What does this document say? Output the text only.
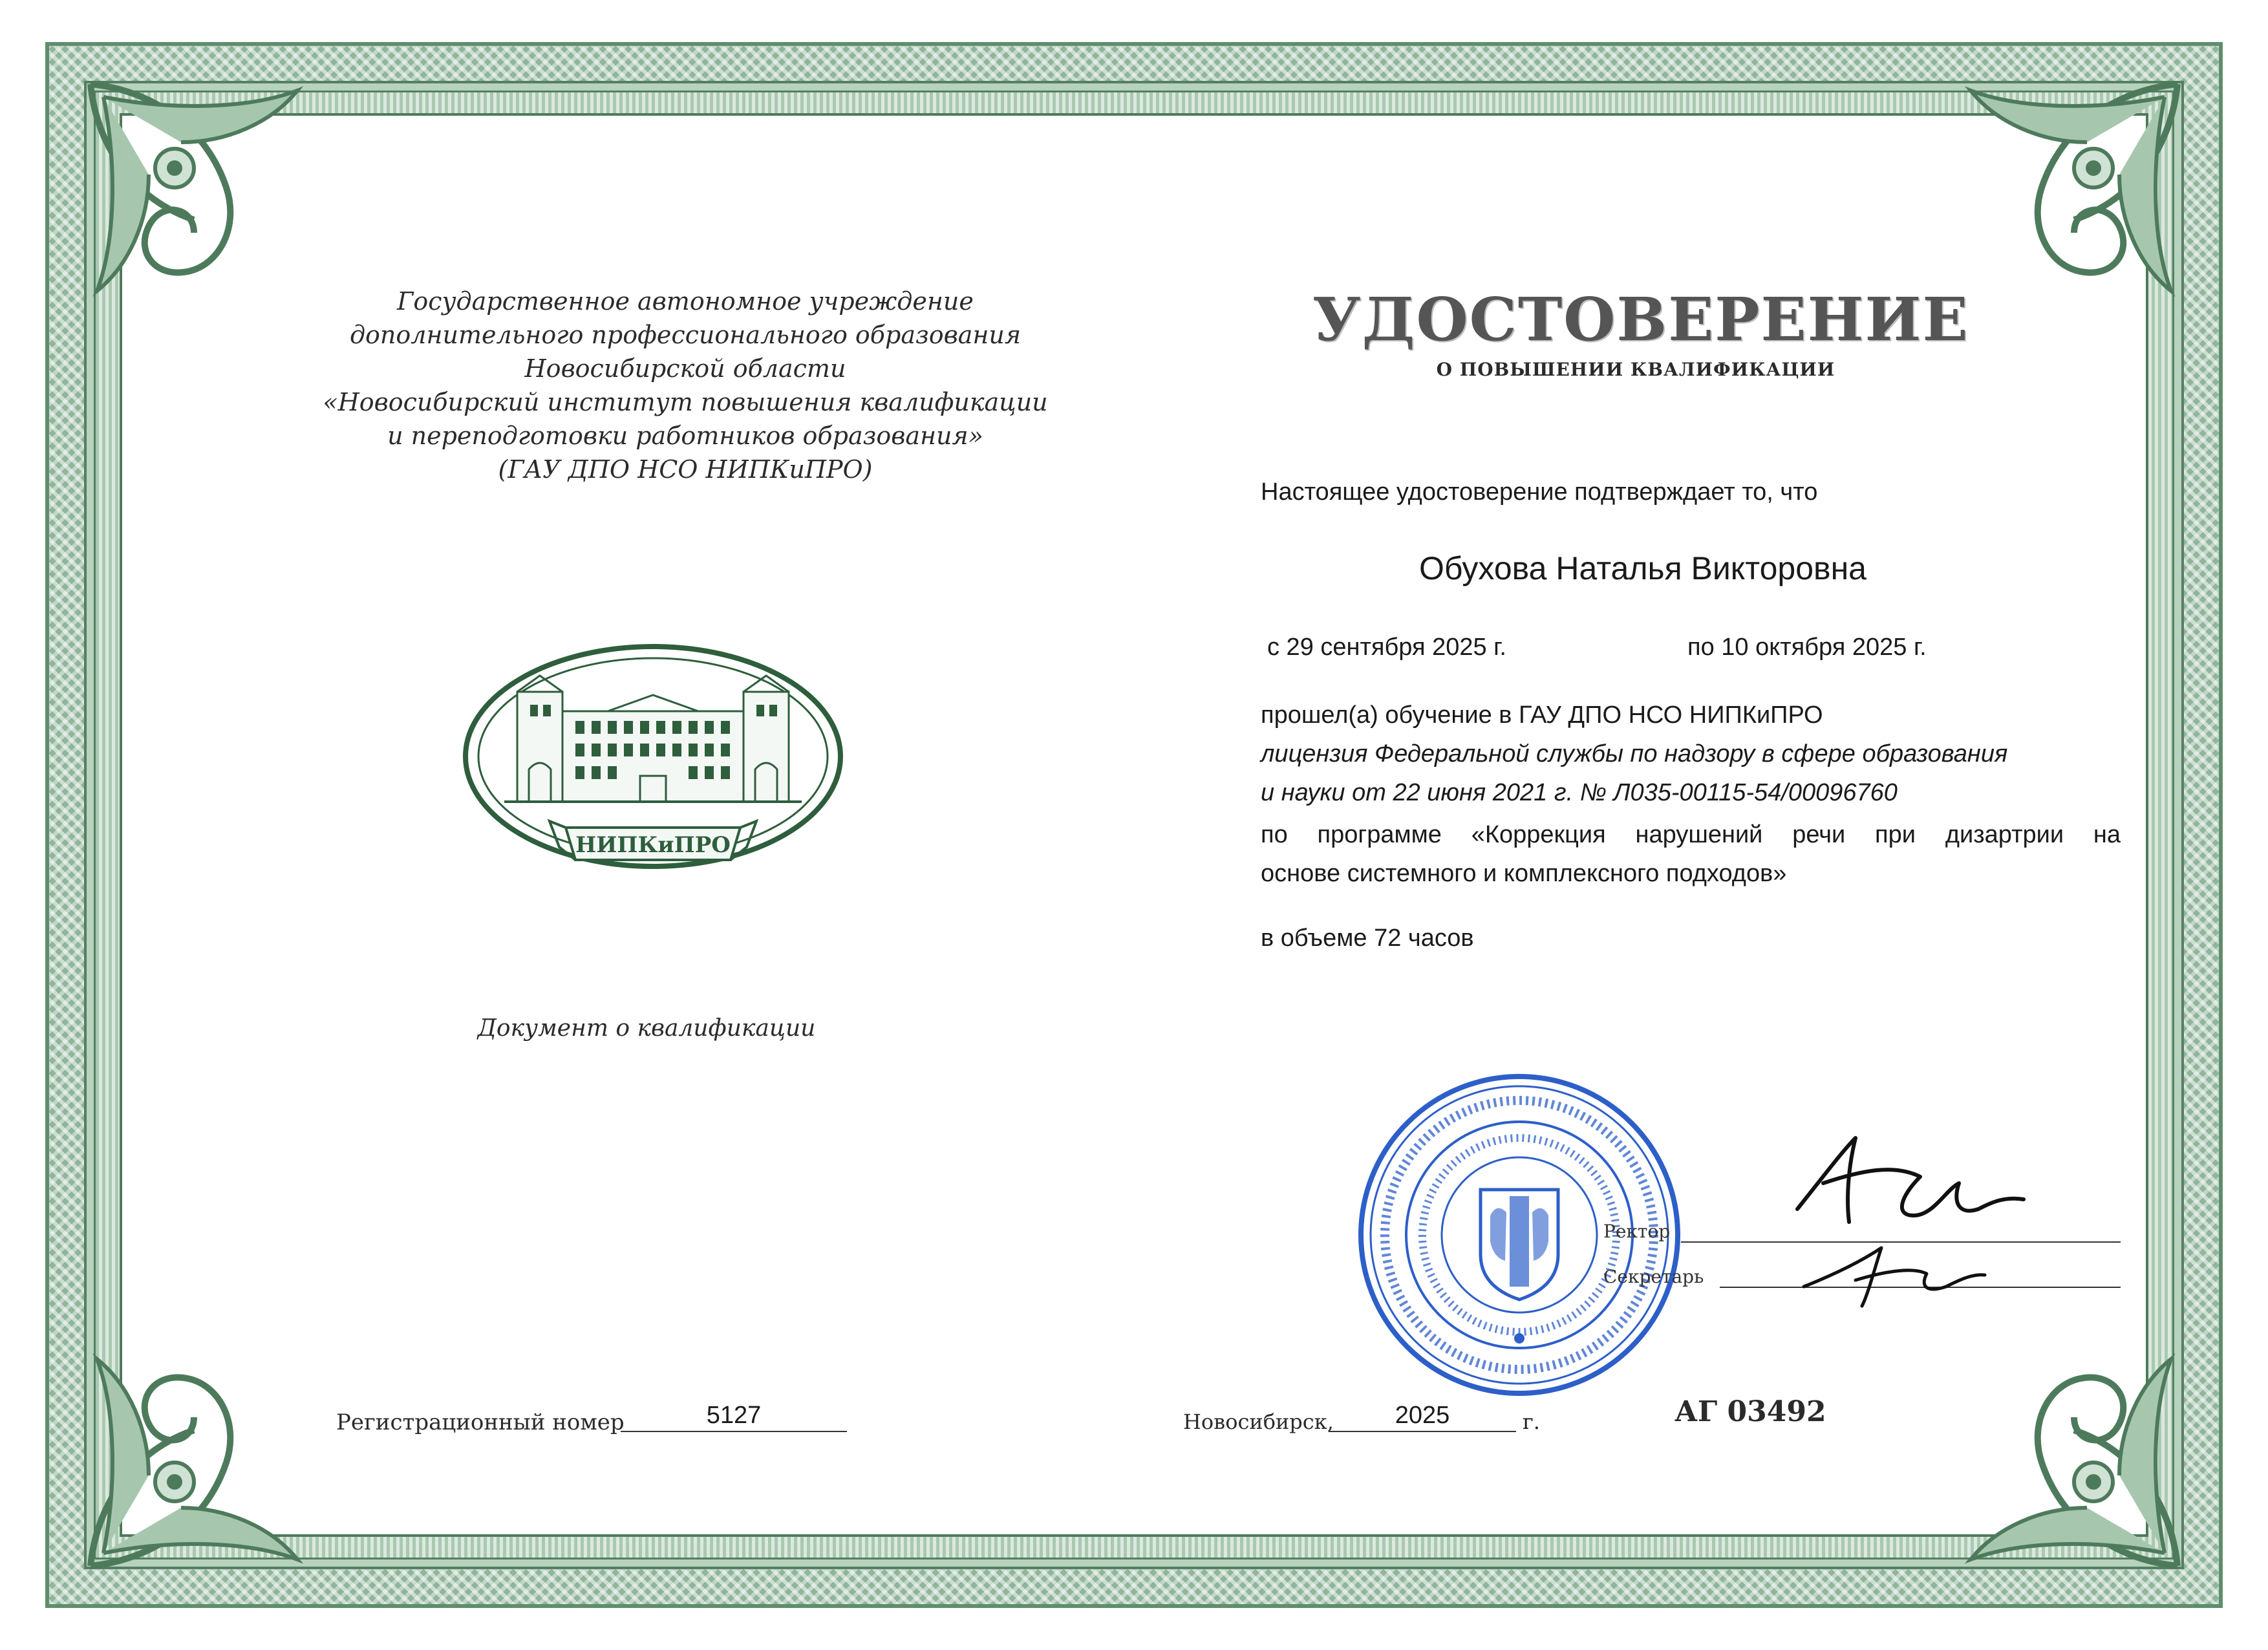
Государственное автономное учреждение
дополнительного профессионального образования
Новосибирской области
«Новосибирский институт повышения квалификации
и переподготовки работников образования»
(ГАУ ДПО НСО НИПКиПРО)
НИПКиПРО
Документ о квалификации
УДОСТОВЕРЕНИЕ
О ПОВЫШЕНИИ КВАЛИФИКАЦИИ
Настоящее удостоверение подтверждает то, что
Обухова Наталья Викторовна
с 29 сентября 2025 г.	по 10 октября 2025 г.
прошел(а) обучение в ГАУ ДПО НСО НИПКиПРО
лицензия Федеральной службы по надзору в сфере образования
и науки от 22 июня 2021 г. № Л035-00115-54/00096760
по программе «Коррекция нарушений речи при дизартрии на
основе системного и комплексного подходов»
в объеме 72 часов
Ректор
Секретарь
Регистрационный номер	5127	Новосибирск,	2025	г.	АГ 03492
